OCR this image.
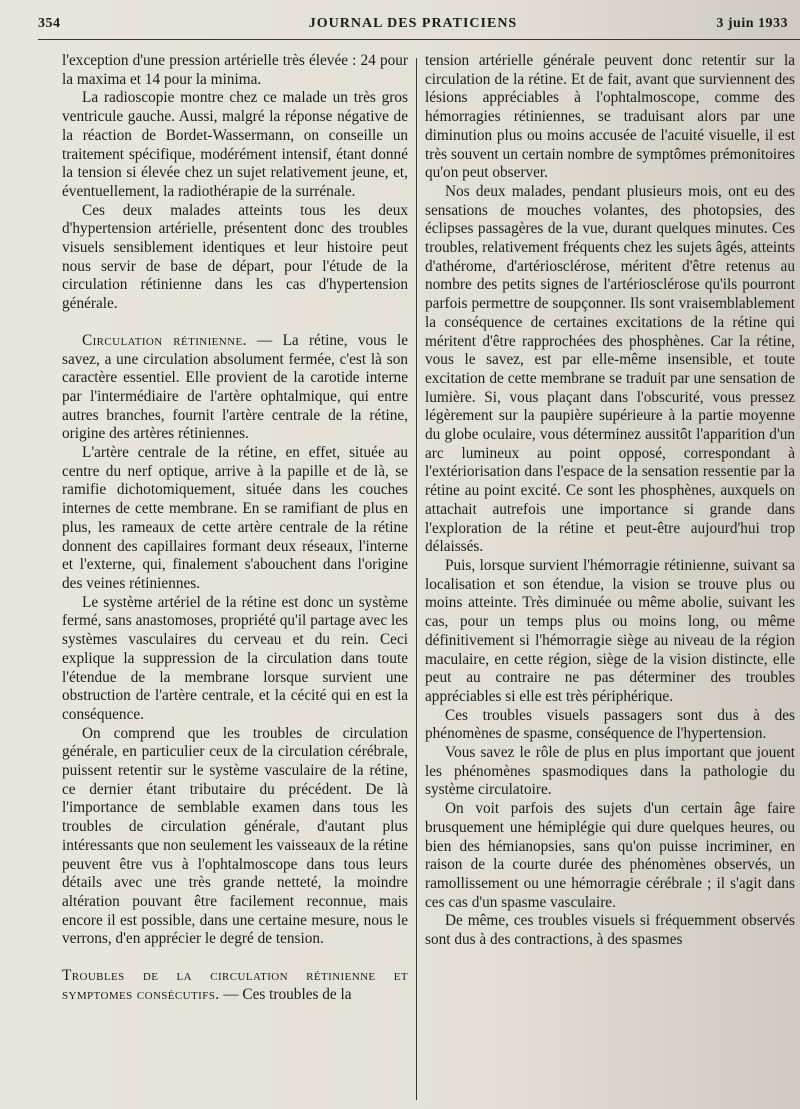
354	JOURNAL DES PRATICIENS	3 juin 1933

l'exception d'une pression artérielle très élevée : 24 pour la maxima et 14 pour la minima.

La radioscopie montre chez ce malade un très gros ventricule gauche. Aussi, malgré la réponse négative de la réaction de Bordet-Wassermann, on conseille un traitement spécifique, modérément intensif, étant donné la tension si élevée chez un sujet relativement jeune, et, éventuellement, la radiothérapie de la surrénale.

Ces deux malades atteints tous les deux d'hypertension artérielle, présentent donc des troubles visuels sensiblement identiques et leur histoire peut nous servir de base de départ, pour l'étude de la circulation rétinienne dans les cas d'hypertension générale.

Circulation rétinienne. — La rétine, vous le savez, a une circulation absolument fermée, c'est là son caractère essentiel. Elle provient de la carotide interne par l'intermédiaire de l'artère ophtalmique, qui entre autres branches, fournit l'artère centrale de la rétine, origine des artères rétiniennes.

L'artère centrale de la rétine, en effet, située au centre du nerf optique, arrive à la papille et de là, se ramifie dichotomiquement, située dans les couches internes de cette membrane. En se ramifiant de plus en plus, les rameaux de cette artère centrale de la rétine donnent des capillaires formant deux réseaux, l'interne et l'externe, qui, finalement s'abouchent dans l'origine des veines rétiniennes.

Le système artériel de la rétine est donc un système fermé, sans anastomoses, propriété qu'il partage avec les systèmes vasculaires du cerveau et du rein. Ceci explique la suppression de la circulation dans toute l'étendue de la membrane lorsque survient une obstruction de l'artère centrale, et la cécité qui en est la conséquence.

On comprend que les troubles de circulation générale, en particulier ceux de la circulation cérébrale, puissent retentir sur le système vasculaire de la rétine, ce dernier étant tributaire du précédent. De là l'importance de semblable examen dans tous les troubles de circulation générale, d'autant plus intéressants que non seulement les vaisseaux de la rétine peuvent être vus à l'ophtalmoscope dans tous leurs détails avec une très grande netteté, la moindre altération pouvant être facilement reconnue, mais encore il est possible, dans une certaine mesure, nous le verrons, d'en apprécier le degré de tension.

Troubles de la circulation rétinienne et symptomes consécutifs. — Ces troubles de la

tension artérielle générale peuvent donc retentir sur la circulation de la rétine. Et de fait, avant que surviennent des lésions appréciables à l'ophtalmoscope, comme des hémorragies rétiniennes, se traduisant alors par une diminution plus ou moins accusée de l'acuité visuelle, il est très souvent un certain nombre de symptômes prémonitoires qu'on peut observer.

Nos deux malades, pendant plusieurs mois, ont eu des sensations de mouches volantes, des photopsies, des éclipses passagères de la vue, durant quelques minutes. Ces troubles, relativement fréquents chez les sujets âgés, atteints d'athérome, d'artériosclérose, méritent d'être retenus au nombre des petits signes de l'artériosclérose qu'ils pourront parfois permettre de soupçonner. Ils sont vraisemblablement la conséquence de certaines excitations de la rétine qui méritent d'être rapprochées des phosphènes. Car la rétine, vous le savez, est par elle-même insensible, et toute excitation de cette membrane se traduit par une sensation de lumière. Si, vous plaçant dans l'obscurité, vous pressez légèrement sur la paupière supérieure à la partie moyenne du globe oculaire, vous déterminez aussitôt l'apparition d'un arc lumineux au point opposé, correspondant à l'extériorisation dans l'espace de la sensation ressentie par la rétine au point excité. Ce sont les phosphènes, auxquels on attachait autrefois une importance si grande dans l'exploration de la rétine et peut-être aujourd'hui trop délaissés.

Puis, lorsque survient l'hémorragie rétinienne, suivant sa localisation et son étendue, la vision se trouve plus ou moins atteinte. Très diminuée ou même abolie, suivant les cas, pour un temps plus ou moins long, ou même définitivement si l'hémorragie siège au niveau de la région maculaire, en cette région, siège de la vision distincte, elle peut au contraire ne pas déterminer des troubles appréciables si elle est très périphérique.

Ces troubles visuels passagers sont dus à des phénomènes de spasme, conséquence de l'hypertension.

Vous savez le rôle de plus en plus important que jouent les phénomènes spasmodiques dans la pathologie du système circulatoire.

On voit parfois des sujets d'un certain âge faire brusquement une hémiplégie qui dure quelques heures, ou bien des hémianopsies, sans qu'on puisse incriminer, en raison de la courte durée des phénomènes observés, un ramollissement ou une hémorragie cérébrale ; il s'agit dans ces cas d'un spasme vasculaire.

De même, ces troubles visuels si fréquemment observés sont dus à des contractions, à des spasmes
